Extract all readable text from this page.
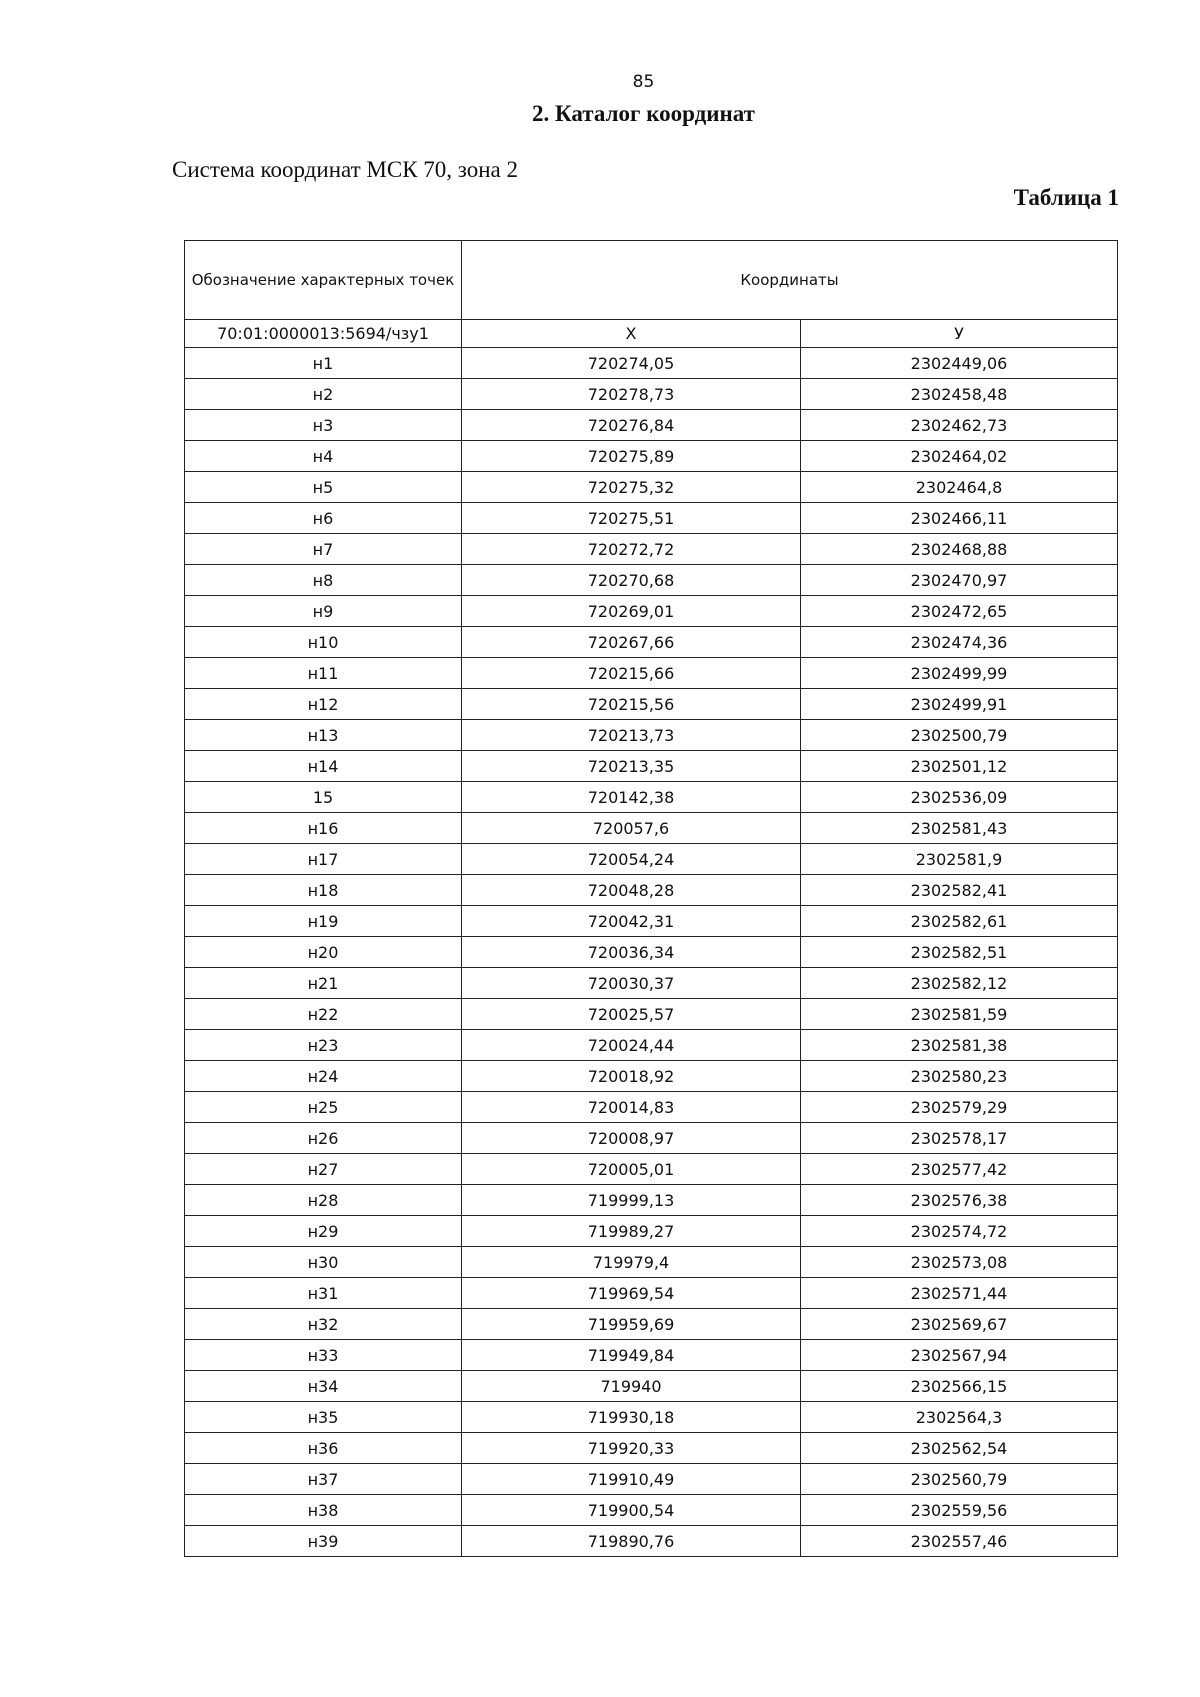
85
2. Каталог координат
Система координат МСК 70, зона 2
Таблица 1
Обозначение характерных точек	Координаты	
70:01:0000013:5694/чзу1	X	У
н1	720274,05	2302449,06
н2	720278,73	2302458,48
н3	720276,84	2302462,73
н4	720275,89	2302464,02
н5	720275,32	2302464,8
н6	720275,51	2302466,11
н7	720272,72	2302468,88
н8	720270,68	2302470,97
н9	720269,01	2302472,65
н10	720267,66	2302474,36
н11	720215,66	2302499,99
н12	720215,56	2302499,91
н13	720213,73	2302500,79
н14	720213,35	2302501,12
15	720142,38	2302536,09
н16	720057,6	2302581,43
н17	720054,24	2302581,9
н18	720048,28	2302582,41
н19	720042,31	2302582,61
н20	720036,34	2302582,51
н21	720030,37	2302582,12
н22	720025,57	2302581,59
н23	720024,44	2302581,38
н24	720018,92	2302580,23
н25	720014,83	2302579,29
н26	720008,97	2302578,17
н27	720005,01	2302577,42
н28	719999,13	2302576,38
н29	719989,27	2302574,72
н30	719979,4	2302573,08
н31	719969,54	2302571,44
н32	719959,69	2302569,67
н33	719949,84	2302567,94
н34	719940	2302566,15
н35	719930,18	2302564,3
н36	719920,33	2302562,54
н37	719910,49	2302560,79
н38	719900,54	2302559,56
н39	719890,76	2302557,46
